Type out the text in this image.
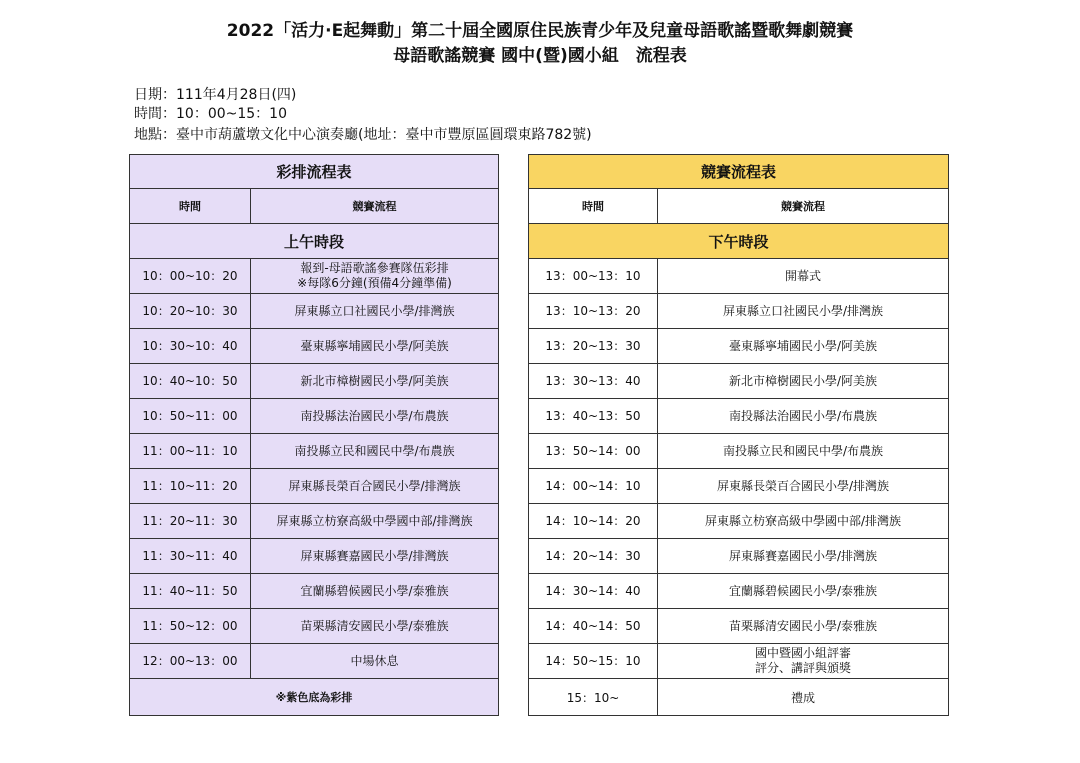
2022「活力·E起舞動」第二十屆全國原住民族青少年及兒童母語歌謠暨歌舞劇競賽
母語歌謠競賽 國中(暨)國小組　流程表
日期：111年4月28日(四)
時間：10：00~15：10
地點：臺中市葫蘆墩文化中心演奏廳(地址：臺中市豐原區圓環東路782號)
彩排流程表	
時間	競賽流程
上午時段	
10：00~10：20	報到-母語歌謠參賽隊伍彩排
※每隊6分鐘(預備4分鐘準備)

10：20~10：30	屏東縣立口社國民小學/排灣族

10：30~10：40	臺東縣寧埔國民小學/阿美族

10：40~10：50	新北市樟樹國民小學/阿美族

10：50~11：00	南投縣法治國民小學/布農族

11：00~11：10	南投縣立民和國民中學/布農族

11：10~11：20	屏東縣長榮百合國民小學/排灣族

11：20~11：30	屏東縣立枋寮高級中學國中部/排灣族

11：30~11：40	屏東縣賽嘉國民小學/排灣族

11：40~11：50	宜蘭縣碧候國民小學/泰雅族

11：50~12：00	苗栗縣清安國民小學/泰雅族

12：00~13：00	中場休息

※紫色底為彩排	
競賽流程表	
時間	競賽流程
下午時段	
13：00~13：10	開幕式

13：10~13：20	屏東縣立口社國民小學/排灣族

13：20~13：30	臺東縣寧埔國民小學/阿美族

13：30~13：40	新北市樟樹國民小學/阿美族

13：40~13：50	南投縣法治國民小學/布農族

13：50~14：00	南投縣立民和國民中學/布農族

14：00~14：10	屏東縣長榮百合國民小學/排灣族

14：10~14：20	屏東縣立枋寮高級中學國中部/排灣族

14：20~14：30	屏東縣賽嘉國民小學/排灣族

14：30~14：40	宜蘭縣碧候國民小學/泰雅族

14：40~14：50	苗栗縣清安國民小學/泰雅族

14：50~15：10	國中暨國小組評審
評分、講評與頒獎

15：10~	禮成
